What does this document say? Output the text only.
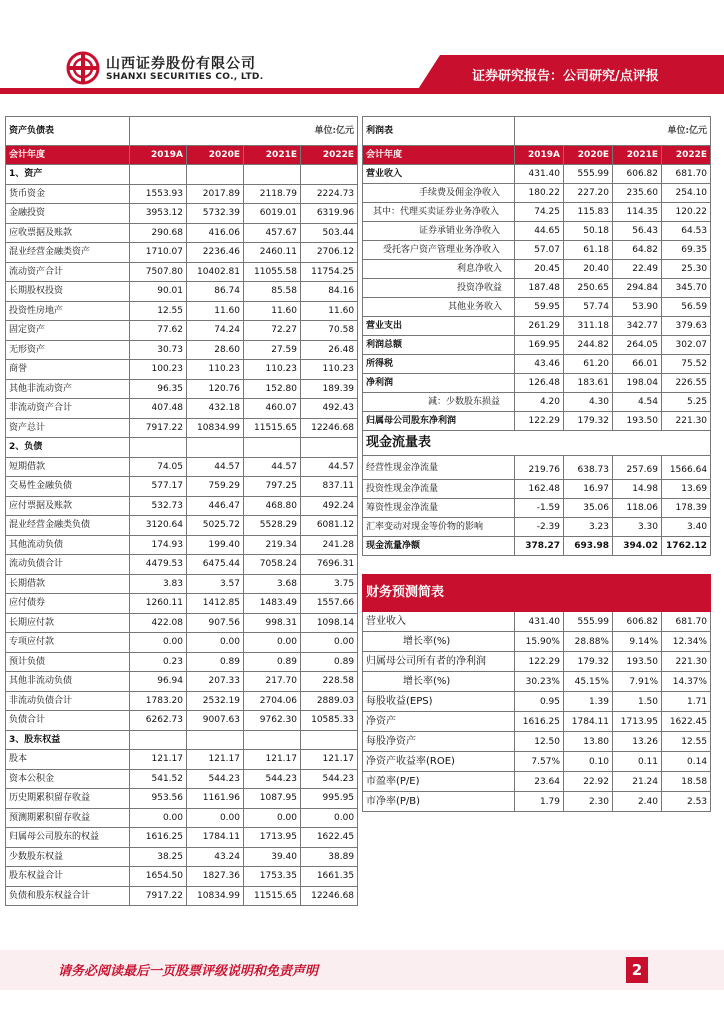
山西证券股份有限公司
SHANXI SECURITIES CO., LTD.	证券研究报告：公司研究/点评报
资产负债表	单位:亿元			
会计年度	2019A	2020E	2021E	2022E
1、资产				
货币资金	1553.93	2017.89	2118.79	2224.73
金融投资	3953.12	5732.39	6019.01	6319.96
应收票据及账款	290.68	416.06	457.67	503.44
混业经营金融类资产	1710.07	2236.46	2460.11	2706.12
流动资产合计	7507.80	10402.81	11055.58	11754.25
长期股权投资	90.01	86.74	85.58	84.16
投资性房地产	12.55	11.60	11.60	11.60
固定资产	77.62	74.24	72.27	70.58
无形资产	30.73	28.60	27.59	26.48
商誉	100.23	110.23	110.23	110.23
其他非流动资产	96.35	120.76	152.80	189.39
非流动资产合计	407.48	432.18	460.07	492.43
资产总计	7917.22	10834.99	11515.65	12246.68
2、负债				
短期借款	74.05	44.57	44.57	44.57
交易性金融负债	577.17	759.29	797.25	837.11
应付票据及账款	532.73	446.47	468.80	492.24
混业经营金融类负债	3120.64	5025.72	5528.29	6081.12
其他流动负债	174.93	199.40	219.34	241.28
流动负债合计	4479.53	6475.44	7058.24	7696.31
长期借款	3.83	3.57	3.68	3.75
应付债券	1260.11	1412.85	1483.49	1557.66
长期应付款	422.08	907.56	998.31	1098.14
专项应付款	0.00	0.00	0.00	0.00
预计负债	0.23	0.89	0.89	0.89
其他非流动负债	96.94	207.33	217.70	228.58
非流动负债合计	1783.20	2532.19	2704.06	2889.03
负债合计	6262.73	9007.63	9762.30	10585.33
3、股东权益				
股本	121.17	121.17	121.17	121.17
资本公积金	541.52	544.23	544.23	544.23
历史期累积留存收益	953.56	1161.96	1087.95	995.95
预测期累积留存收益	0.00	0.00	0.00	0.00
归属母公司股东的权益	1616.25	1784.11	1713.95	1622.45
少数股东权益	38.25	43.24	39.40	38.89
股东权益合计	1654.50	1827.36	1753.35	1661.35
负债和股东权益合计	7917.22	10834.99	11515.65	12246.68
利润表	单位:亿元			
会计年度	2019A	2020E	2021E	2022E
营业收入	431.40	555.99	606.82	681.70
手续费及佣金净收入	180.22	227.20	235.60	254.10
其中：代理买卖证券业务净收入	74.25	115.83	114.35	120.22
证券承销业务净收入	44.65	50.18	56.43	64.53
受托客户资产管理业务净收入	57.07	61.18	64.82	69.35
利息净收入	20.45	20.40	22.49	25.30
投资净收益	187.48	250.65	294.84	345.70
其他业务收入	59.95	57.74	53.90	56.59
营业支出	261.29	311.18	342.77	379.63
利润总额	169.95	244.82	264.05	302.07
所得税	43.46	61.20	66.01	75.52
净利润	126.48	183.61	198.04	226.55
减：少数股东损益	4.20	4.30	4.54	5.25
归属母公司股东净利润	122.29	179.32	193.50	221.30
现金流量表				
经营性现金净流量	219.76	638.73	257.69	1566.64
投资性现金净流量	162.48	16.97	14.98	13.69
筹资性现金净流量	-1.59	35.06	118.06	178.39
汇率变动对现金等价物的影响	-2.39	3.23	3.30	3.40
现金流量净额	378.27	693.98	394.02	1762.12

财务预测简表				
营业收入	431.40	555.99	606.82	681.70
增长率(%)	15.90%	28.88%	9.14%	12.34%
归属母公司所有者的净利润	122.29	179.32	193.50	221.30
增长率(%)	30.23%	45.15%	7.91%	14.37%
每股收益(EPS)	0.95	1.39	1.50	1.71
净资产	1616.25	1784.11	1713.95	1622.45
每股净资产	12.50	13.80	13.26	12.55
净资产收益率(ROE)	7.57%	0.10	0.11	0.14
市盈率(P/E)	23.64	22.92	21.24	18.58
市净率(P/B)	1.79	2.30	2.40	2.53
请务必阅读最后一页股票评级说明和免责声明	2
